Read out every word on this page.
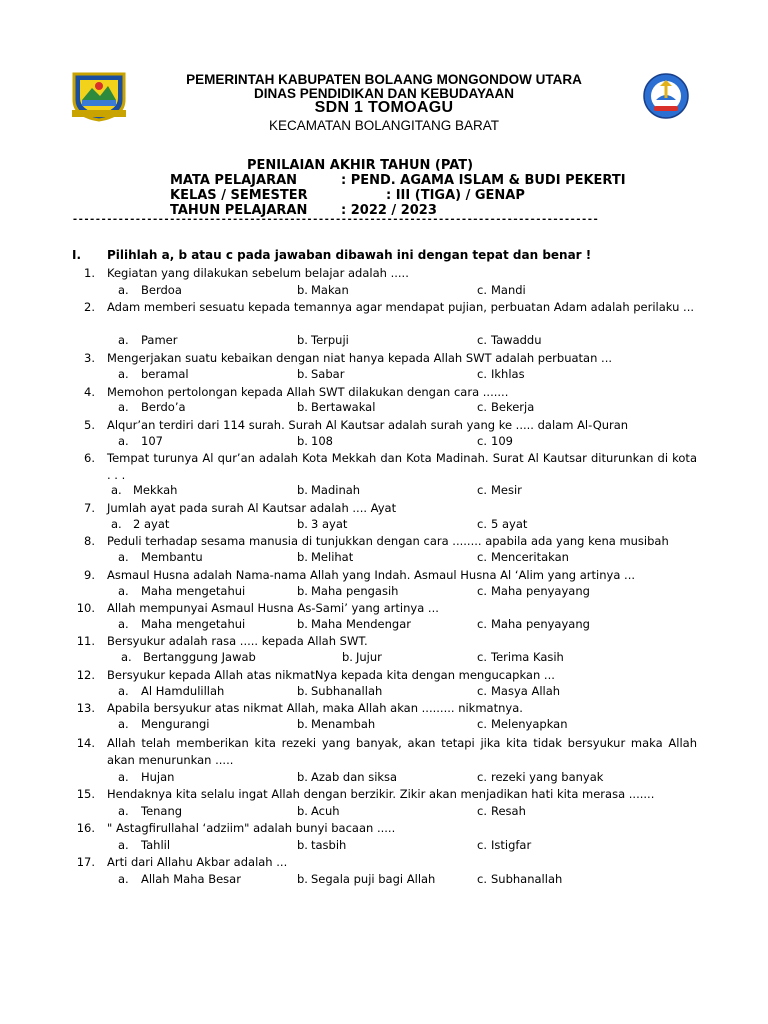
PEMERINTAH KABUPATEN BOLAANG MONGONDOW UTARA
DINAS PENDIDIKAN DAN KEBUDAYAAN
SDN 1 TOMOAGU
KECAMATAN BOLANGITANG BARAT
PENILAIAN AKHIR TAHUN (PAT)
MATA PELAJARAN	: PEND. AGAMA ISLAM & BUDI PEKERTI
KELAS / SEMESTER	: III (TIGA) / GENAP
TAHUN PELAJARAN	: 2022 / 2023
--------------------------------------------------------------------------------------------
I. Pilihlah a, b atau c pada jawaban dibawah ini dengan tepat dan benar !
1. Kegiatan yang dilakukan sebelum belajar adalah .....
a. Berdoa	b. Makan	c. Mandi
2. Adam memberi sesuatu kepada temannya agar mendapat pujian, perbuatan Adam adalah perilaku ...
a. Pamer	b. Terpuji	c. Tawaddu
3. Mengerjakan suatu kebaikan dengan niat hanya kepada Allah SWT adalah perbuatan ...
a. beramal	b. Sabar	c. Ikhlas
4. Memohon pertolongan kepada Allah SWT dilakukan dengan cara .......
a. Berdo’a	b. Bertawakal	c. Bekerja
5. Alqur’an terdiri dari 114 surah. Surah Al Kautsar adalah surah yang ke ..... dalam Al-Quran
a. 107	b. 108	c. 109
6. Tempat turunya Al qur’an adalah Kota Mekkah dan Kota Madinah. Surat Al Kautsar diturunkan di kota . . .
a. Mekkah	b. Madinah	c. Mesir
7. Jumlah ayat pada surah Al Kautsar adalah .... Ayat
a. 2 ayat	b. 3 ayat	c. 5 ayat
8. Peduli terhadap sesama manusia di tunjukkan dengan cara ........ apabila ada yang kena musibah
a. Membantu	b. Melihat	c. Menceritakan
9. Asmaul Husna adalah Nama-nama Allah yang Indah. Asmaul Husna Al ‘Alim yang artinya ...
a. Maha mengetahui	b. Maha pengasih	c. Maha penyayang
10. Allah mempunyai Asmaul Husna As-Sami’ yang artinya ...
a. Maha mengetahui	b. Maha Mendengar	c. Maha penyayang
11. Bersyukur adalah rasa ..... kepada Allah SWT.
a. Bertanggung Jawab	b. Jujur	c. Terima Kasih
12. Bersyukur kepada Allah atas nikmatNya kepada kita dengan mengucapkan ...
a. Al Hamdulillah	b. Subhanallah	c. Masya Allah
13. Apabila bersyukur atas nikmat Allah, maka Allah akan ......... nikmatnya.
a. Mengurangi	b. Menambah	c. Melenyapkan
14. Allah telah memberikan kita rezeki yang banyak, akan tetapi jika kita tidak bersyukur maka Allah akan menurunkan .....
a. Hujan	b. Azab dan siksa	c. rezeki yang banyak
15. Hendaknya kita selalu ingat Allah dengan berzikir. Zikir akan menjadikan hati kita merasa .......
a. Tenang	b. Acuh	c. Resah
16. " Astagfirullahal ‘adziim" adalah bunyi bacaan .....
a. Tahlil	b. tasbih	c. Istigfar
17. Arti dari Allahu Akbar adalah ...
a. Allah Maha Besar	b. Segala puji bagi Allah	c. Subhanallah
